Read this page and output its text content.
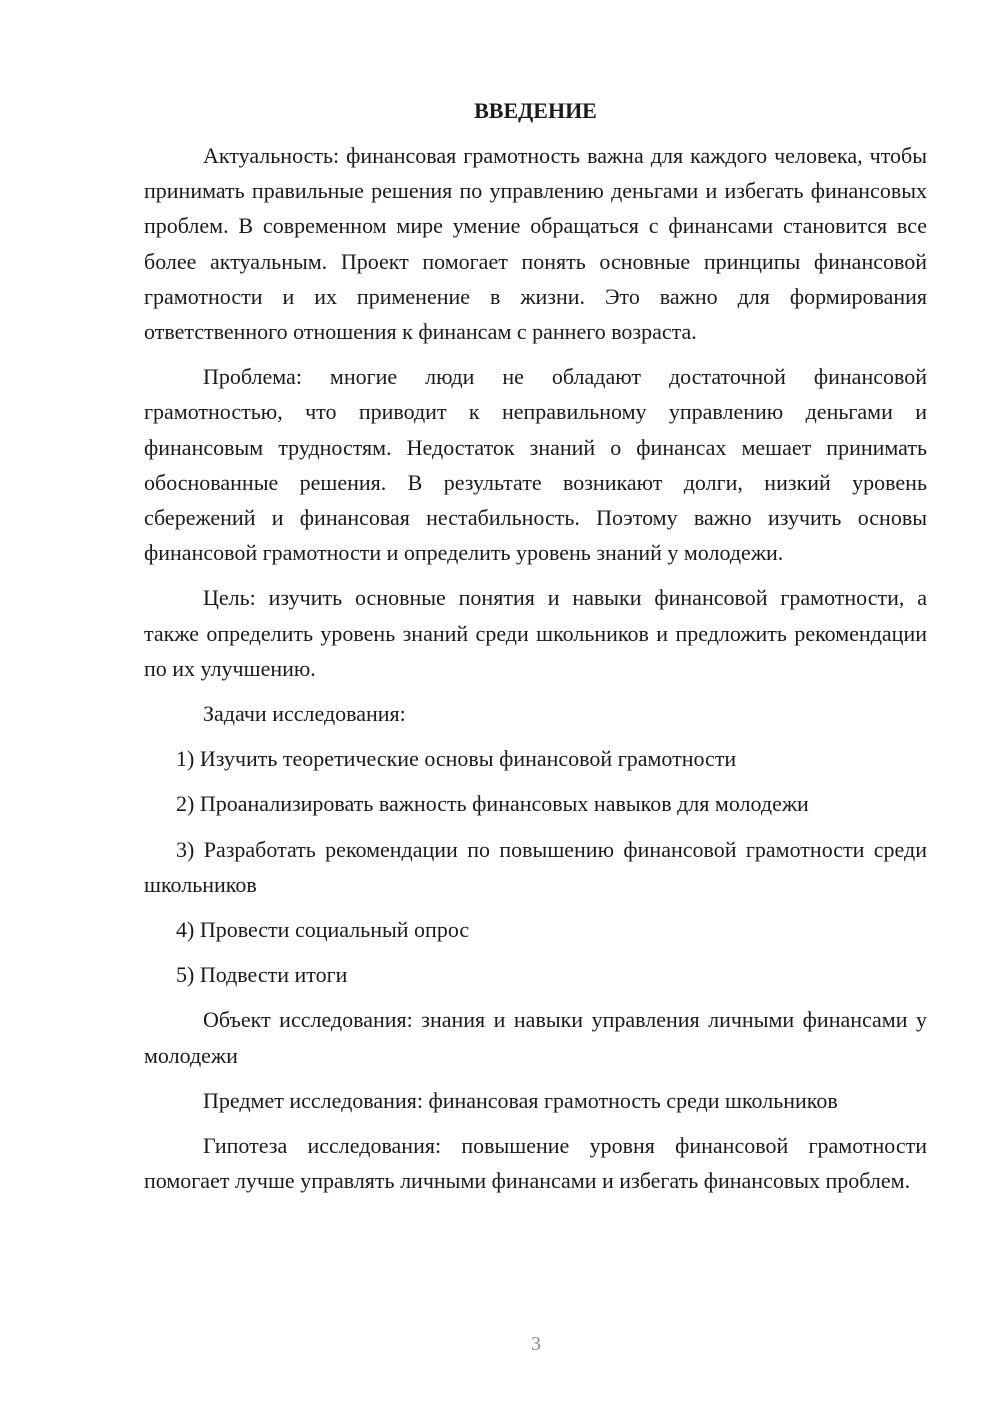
ВВЕДЕНИЕ

Актуальность: финансовая грамотность важна для каждого человека, чтобы принимать правильные решения по управлению деньгами и избегать финансовых проблем. В современном мире умение обращаться с финансами становится все более актуальным. Проект помогает понять основные принципы финансовой грамотности и их применение в жизни. Это важно для формирования ответственного отношения к финансам с раннего возраста.

Проблема: многие люди не обладают достаточной финансовой грамотностью, что приводит к неправильному управлению деньгами и финансовым трудностям. Недостаток знаний о финансах мешает принимать обоснованные решения. В результате возникают долги, низкий уровень сбережений и финансовая нестабильность. Поэтому важно изучить основы финансовой грамотности и определить уровень знаний у молодежи.

Цель: изучить основные понятия и навыки финансовой грамотности, а также определить уровень знаний среди школьников и предложить рекомендации по их улучшению.

Задачи исследования:

1) Изучить теоретические основы финансовой грамотности
2) Проанализировать важность финансовых навыков для молодежи
3) Разработать рекомендации по повышению финансовой грамотности среди школьников
4) Провести социальный опрос
5) Подвести итоги

Объект исследования: знания и навыки управления личными финансами у молодежи

Предмет исследования: финансовая грамотность среди школьников

Гипотеза исследования: повышение уровня финансовой грамотности помогает лучше управлять личными финансами и избегать финансовых проблем.

3
